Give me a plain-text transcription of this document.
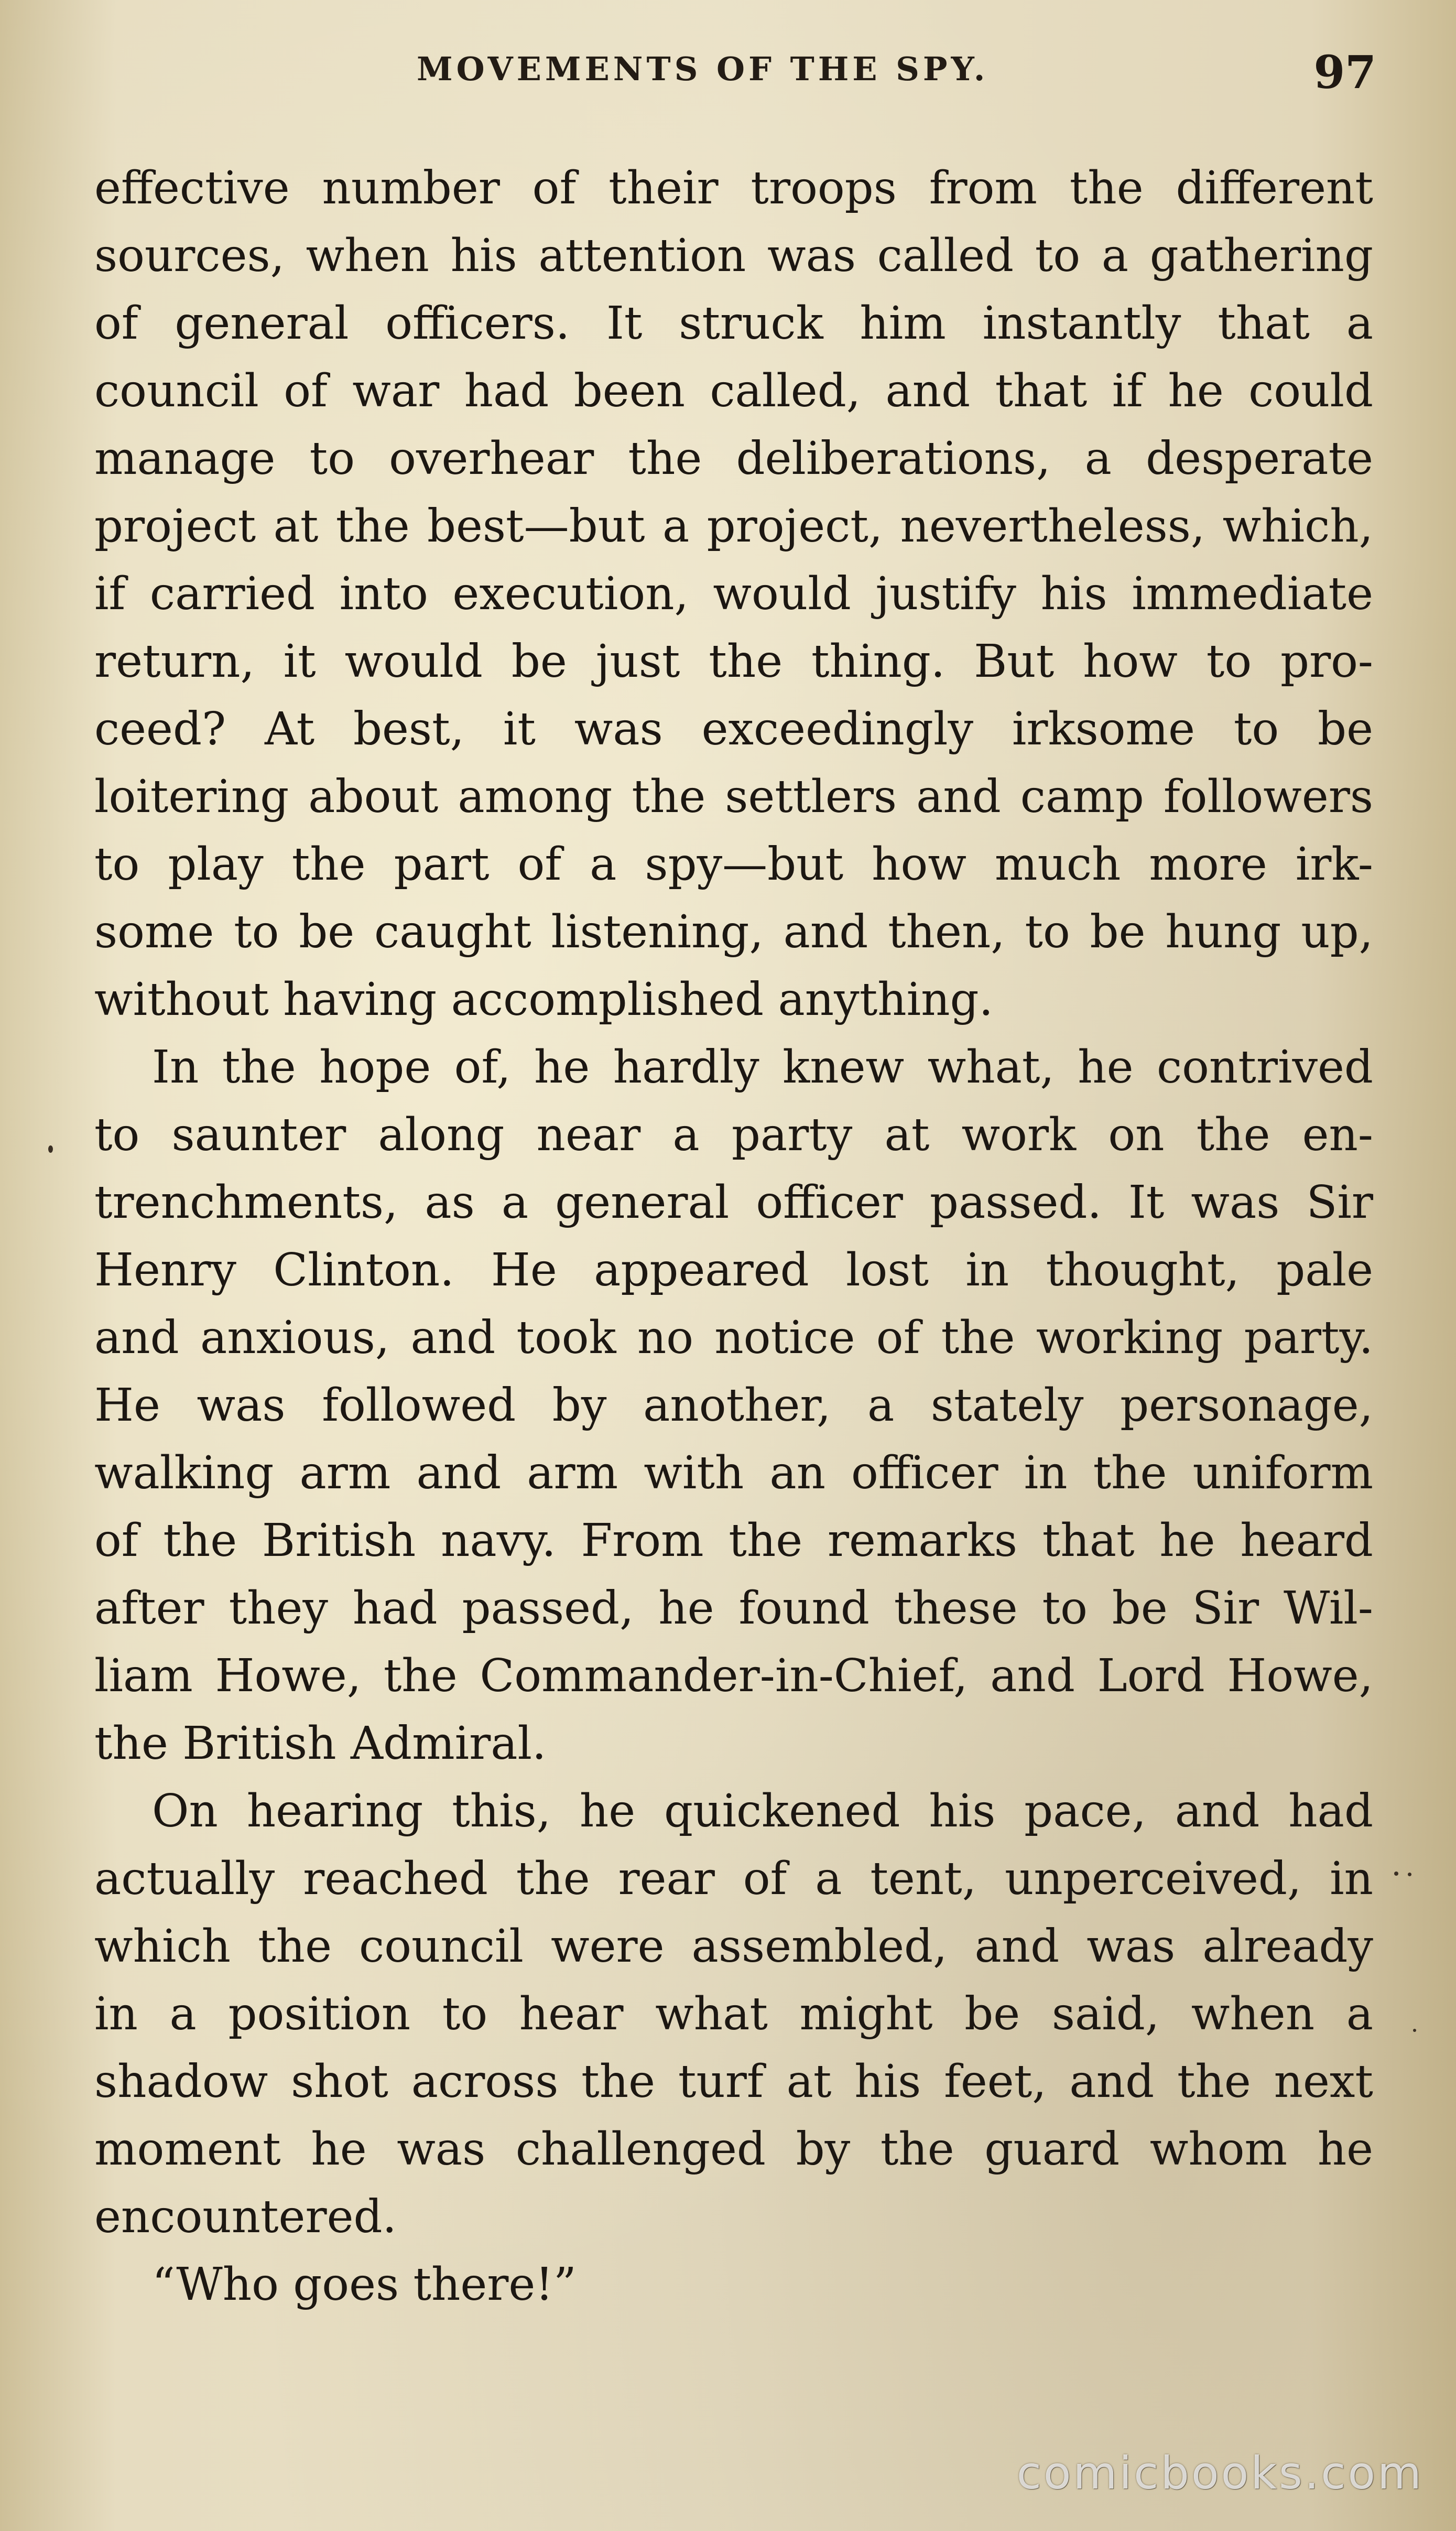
MOVEMENTS OF THE SPY.	97
effective number of their troops from the different
sources, when his attention was called to a gathering
of general officers. It struck him instantly that a
council of war had been called, and that if he could
manage to overhear the deliberations, a desperate
project at the best—but a project, nevertheless, which,
if carried into execution, would justify his immediate
return, it would be just the thing. But how to pro-
ceed? At best, it was exceedingly irksome to be
loitering about among the settlers and camp followers
to play the part of a spy—but how much more irk-
some to be caught listening, and then, to be hung up,
without having accomplished anything.
In the hope of, he hardly knew what, he contrived
to saunter along near a party at work on the en-
trenchments, as a general officer passed. It was Sir
Henry Clinton. He appeared lost in thought, pale
and anxious, and took no notice of the working party.
He was followed by another, a stately personage,
walking arm and arm with an officer in the uniform
of the British navy. From the remarks that he heard
after they had passed, he found these to be Sir Wil-
liam Howe, the Commander-in-Chief, and Lord Howe,
the British Admiral.
On hearing this, he quickened his pace, and had
actually reached the rear of a tent, unperceived, in
which the council were assembled, and was already
in a position to hear what might be said, when a
shadow shot across the turf at his feet, and the next
moment he was challenged by the guard whom he
encountered.
“Who goes there!”
comicbooks.com
